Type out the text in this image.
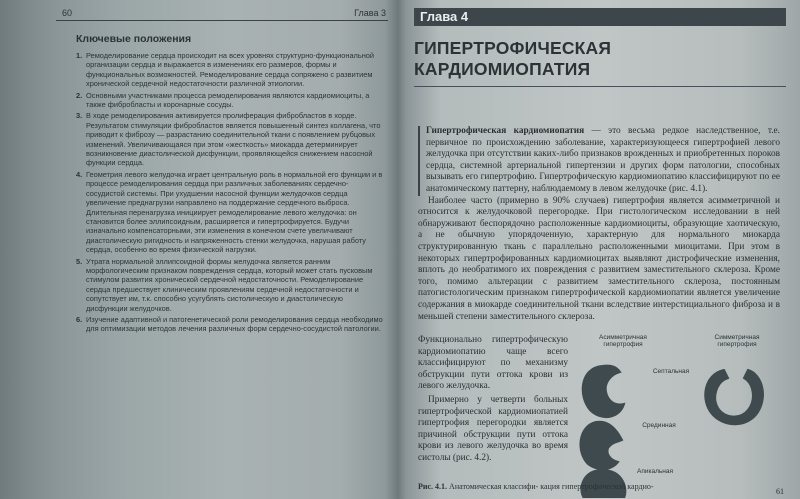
60	Глава 3
Ключевые положения
1. Ремоделирование сердца происходит на всех уровнях структурно-функциональной организации сердца и выражается в изменениях его размеров, формы и функциональных возможностей. Ремоделирование сердца сопряжено с развитием хронической сердечной недостаточности различной этиологии.
2. Основными участниками процесса ремоделирования являются кардиомиоциты, а также фибробласты и коронарные сосуды.
3. В ходе ремоделирования активируется пролиферация фибробластов в хорде. Результатом стимуляции фибробластов является повышенный синтез коллагена, что приводит к фиброзу — разрастанию соединительной ткани с появлением рубцовых изменений. Увеличивающаяся при этом «жесткость» миокарда детерминирует возникновение диастолической дисфункции, проявляющейся снижением насосной функции сердца.
4. Геометрия левого желудочка играет центральную роль в нормальной его функции и в процессе ремоделирования сердца при различных заболеваниях сердечно-сосудистой системы. При ухудшении насосной функции желудочков сердца увеличение преднагрузки направлено на поддержание сердечного выброса. Длительная перенагрузка инициирует ремоделирование левого желудочка: он становится более эллипсоидным, расширяется и гипертрофируется. Будучи изначально компенсаторными, эти изменения в конечном счете увеличивают диастолическую ригидность и напряженность стенки желудочка, нарушая работу сердца, особенно во время физической нагрузки.
5. Утрата нормальной эллипсоидной формы желудочка является ранним морфологическим признаком повреждения сердца, который может стать пусковым стимулом развития хронической сердечной недостаточности. Ремоделирование сердца предшествует клиническим проявлениям сердечной недостаточности и сопутствует им, т.к. способно усугублять систолическую и диастолическую дисфункции желудочков.
6. Изучение адаптивной и патогенетической роли ремоделирования сердца необходимо для оптимизации методов лечения различных форм сердечно-сосудистой патологии.
Глава 4
ГИПЕРТРОФИЧЕСКАЯ КАРДИОМИОПАТИЯ

Гипертрофическая кардиомиопатия — это весьма редкое наследственное, т.е. первичное по происхождению заболевание, характеризующееся гипертрофией левого желудочка при отсутствии каких-либо признаков врожденных и приобретенных пороков сердца, системной артериальной гипертензии и других форм патологии, способных вызывать его гипертрофию. Гипертрофическую кардиомиопатию классифицируют по ее анатомическому паттерну, наблюдаемому в левом желудочке (рис. 4.1).

Наиболее часто (примерно в 90% случаев) гипертрофия является асимметричной и относится к желудочковой перегородке. При гистологическом исследовании в ней обнаруживают беспорядочно расположенные кардиомиоциты, образующие хаотическую, а не обычную упорядоченную, характерную для нормального миокарда структурированную ткань с параллельно расположенными миоцитами. При этом в некоторых гипертрофированных кардиомиоцитах выявляют дистрофические изменения, вплоть до необратимого их повреждения с развитием заместительного склероза. Кроме того, помимо альтерации с развитием заместительного склероза, постоянным патогистологическим признаком гипертрофической кардиомиопатии является увеличение содержания в миокарде соединительной ткани вследствие интерстициального фиброза и в меньшей степени заместительного склероза.

Функционально гипертрофическую кардиомиопатию чаще всего классифицируют по механизму обструкции пути оттока крови из левого желудочка.

Примерно у четверти больных гипертрофической кардиомиопатией гипертрофия перегородки является причиной обструкции пути оттока крови из левого желудочка во время систолы (рис. 4.2).

Асимметричная гипертрофия
Симметричная гипертрофия
Септальная
Срединная
Апикальная
Рис. 4.1. Анатомическая классифи- кация гипертрофической кардио-
61
